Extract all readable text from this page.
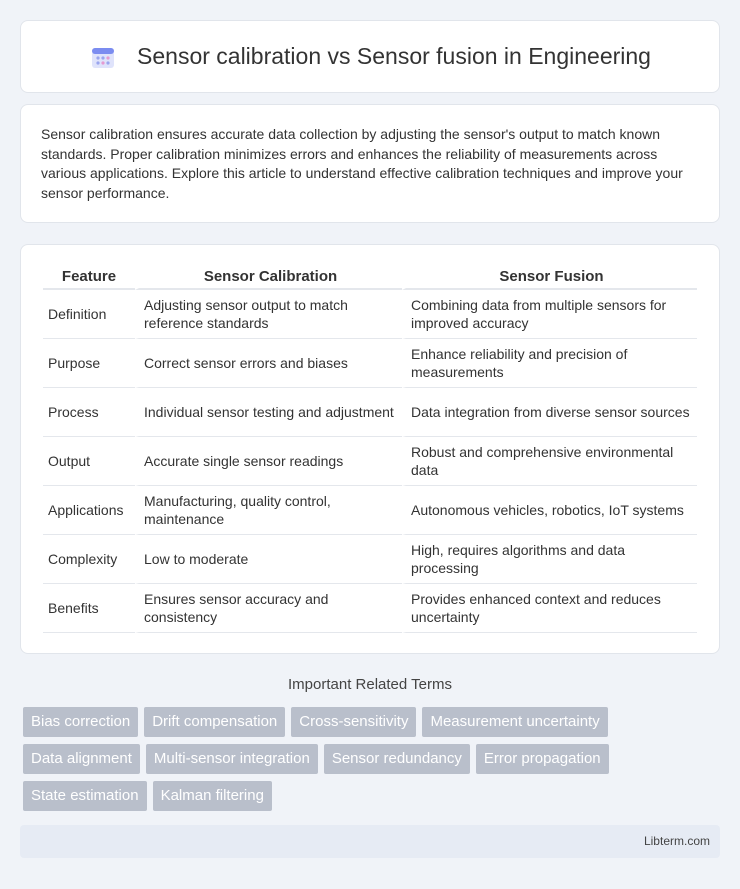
Sensor calibration vs Sensor fusion in Engineering

Sensor calibration ensures accurate data collection by adjusting the sensor's output to match known standards. Proper calibration minimizes errors and enhances the reliability of measurements across various applications. Explore this article to understand effective calibration techniques and improve your sensor performance.

Feature	Sensor Calibration	Sensor Fusion
Definition	Adjusting sensor output to match reference standards	Combining data from multiple sensors for improved accuracy
Purpose	Correct sensor errors and biases	Enhance reliability and precision of measurements
Process	Individual sensor testing and adjustment	Data integration from diverse sensor sources
Output	Accurate single sensor readings	Robust and comprehensive environmental data
Applications	Manufacturing, quality control, maintenance	Autonomous vehicles, robotics, IoT systems
Complexity	Low to moderate	High, requires algorithms and data processing
Benefits	Ensures sensor accuracy and consistency	Provides enhanced context and reduces uncertainty
Important Related Terms
Bias correction	Drift compensation	Cross-sensitivity	Measurement uncertainty
Data alignment	Multi-sensor integration	Sensor redundancy	Error propagation
State estimation	Kalman filtering
Libterm.com
